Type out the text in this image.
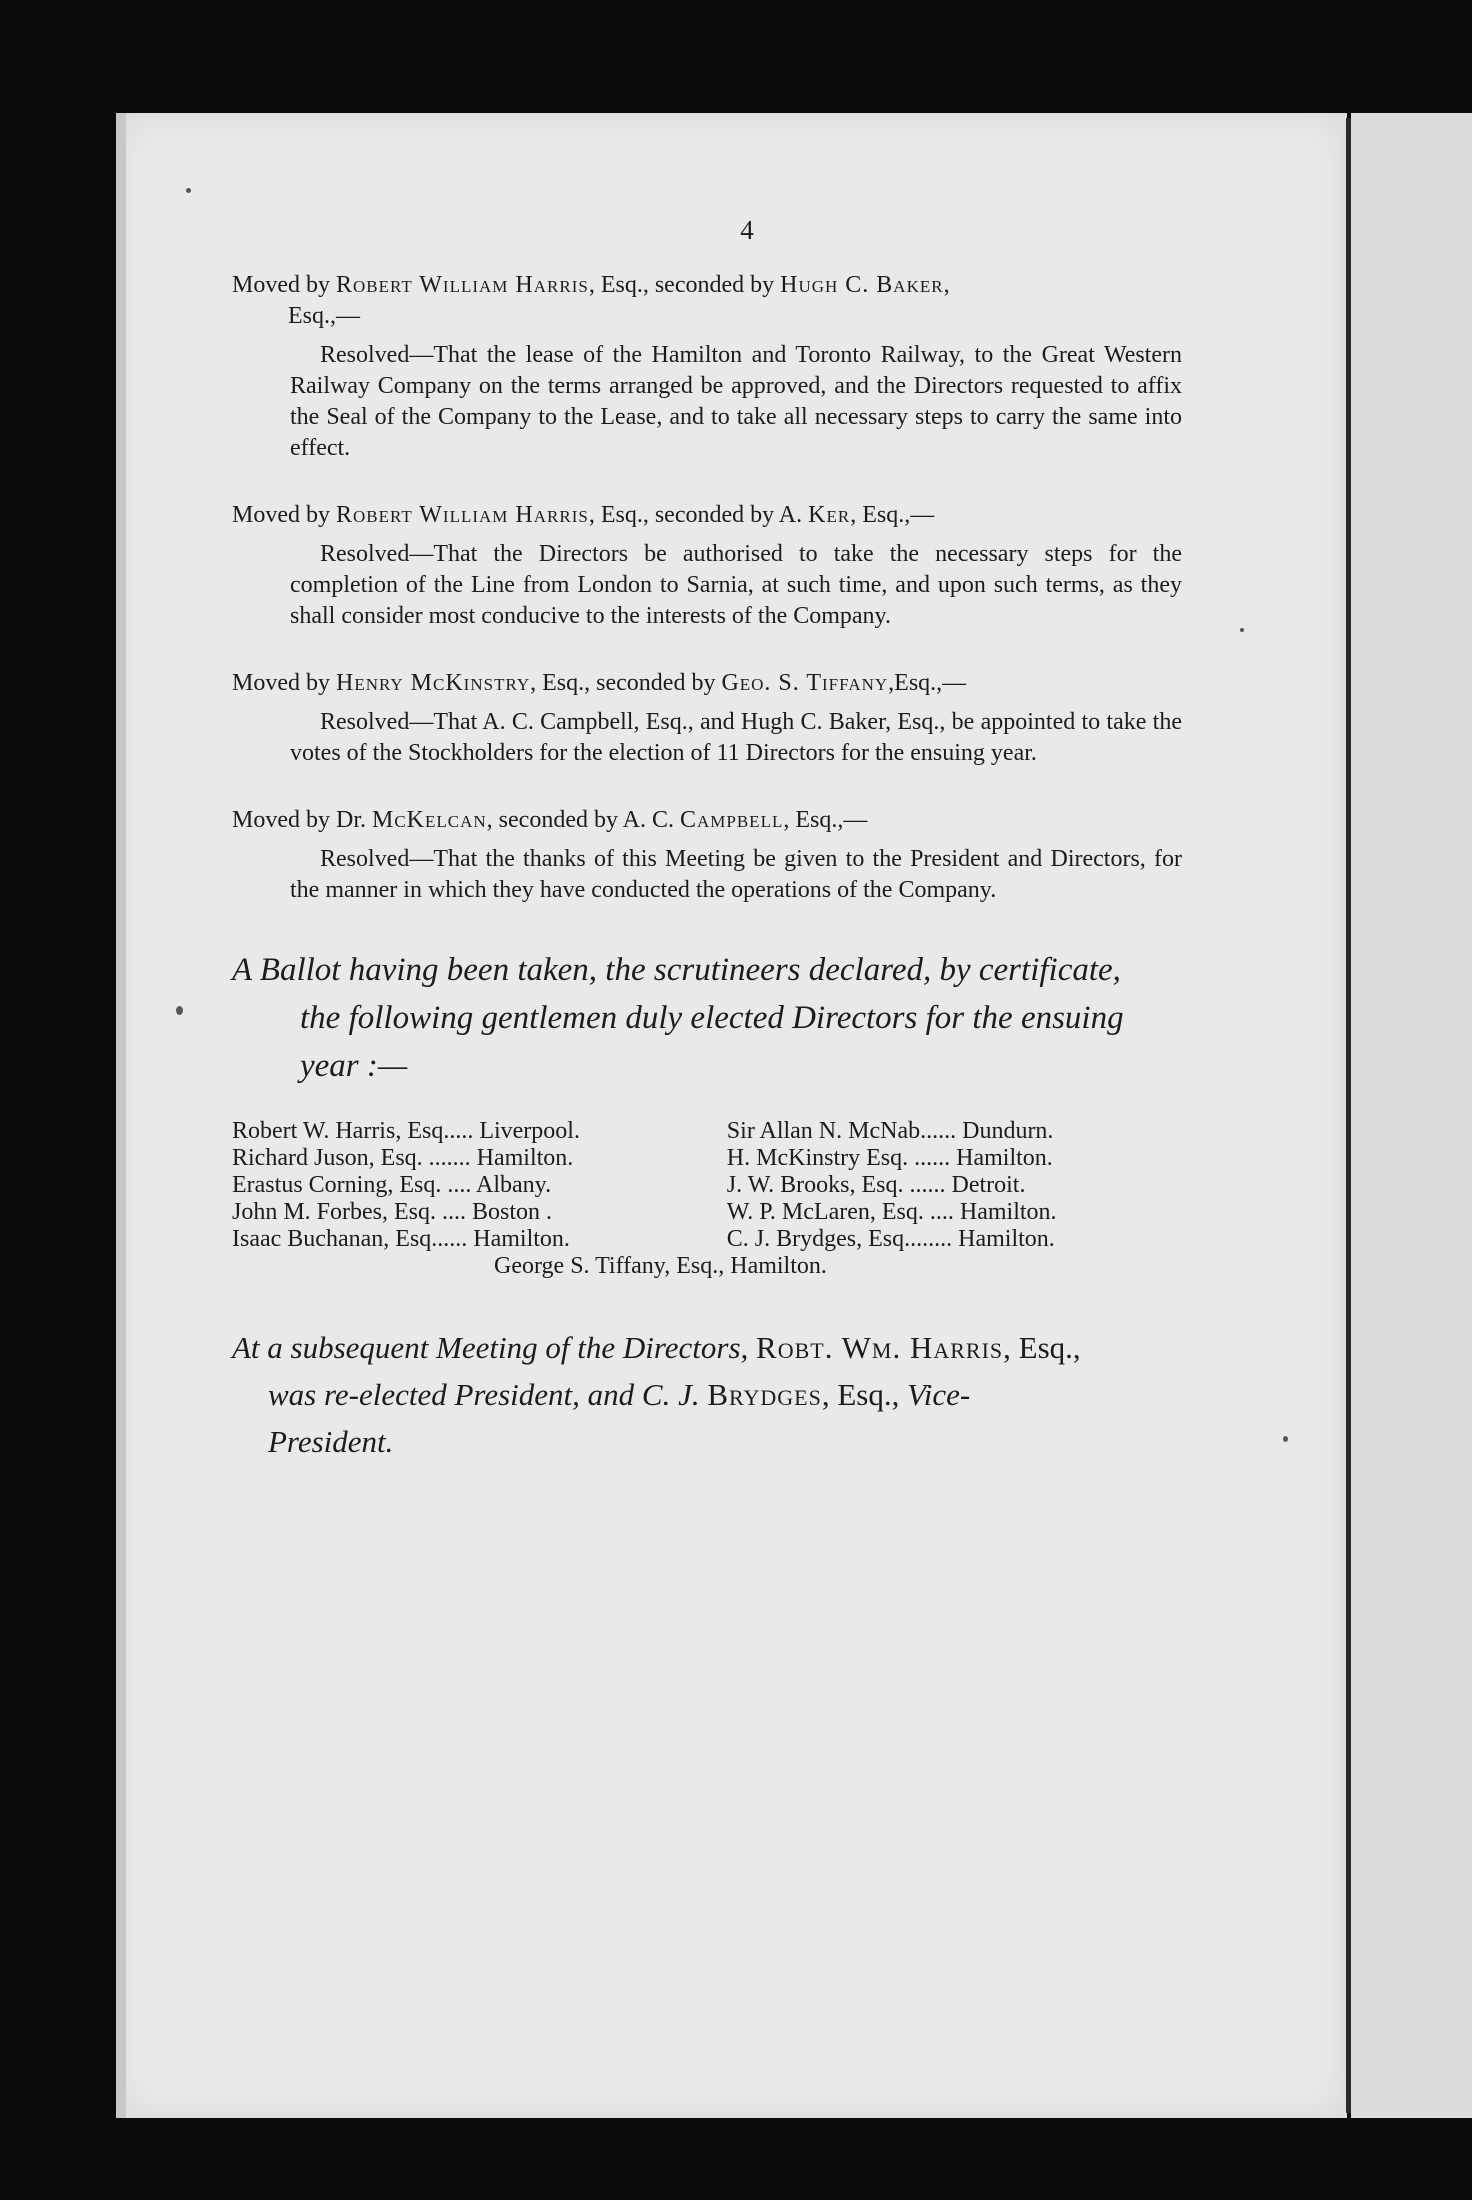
4

Moved by Robert William Harris, Esq., seconded by Hugh C. Baker,
Esq.,—

Resolved—That the lease of the Hamilton and Toronto Railway, to the Great Western Railway Company on the terms arranged be approved, and the Directors requested to affix the Seal of the Company to the Lease, and to take all necessary steps to carry the same into effect.

Moved by Robert William Harris, Esq., seconded by A. Ker, Esq.,—

Resolved—That the Directors be authorised to take the necessary steps for the completion of the Line from London to Sarnia, at such time, and upon such terms, as they shall consider most conducive to the interests of the Company.

Moved by Henry McKinstry, Esq., seconded by Geo. S. Tiffany,Esq.,—

Resolved—That A. C. Campbell, Esq., and Hugh C. Baker, Esq., be appointed to take the votes of the Stockholders for the election of 11 Directors for the ensuing year.

Moved by Dr. McKelcan, seconded by A. C. Campbell, Esq.,—

Resolved—That the thanks of this Meeting be given to the President and Directors, for the manner in which they have conducted the operations of the Company.

A Ballot having been taken, the scrutineers declared, by certificate,
the following gentlemen duly elected Directors for the ensuing
year :—
Robert W. Harris, Esq..... Liverpool.
Richard Juson, Esq. ....... Hamilton.
Erastus Corning, Esq. .... Albany.
John M. Forbes, Esq. .... Boston .
Isaac Buchanan, Esq...... Hamilton.
Sir Allan N. McNab...... Dundurn.
H. McKinstry Esq. ...... Hamilton.
J. W. Brooks, Esq. ...... Detroit.
W. P. McLaren, Esq. .... Hamilton.
C. J. Brydges, Esq........ Hamilton.
George S. Tiffany, Esq., Hamilton.
At a subsequent Meeting of the Directors, Robt. Wm. Harris, Esq.,
was re-elected President, and C. J. Brydges, Esq., Vice-
President.
